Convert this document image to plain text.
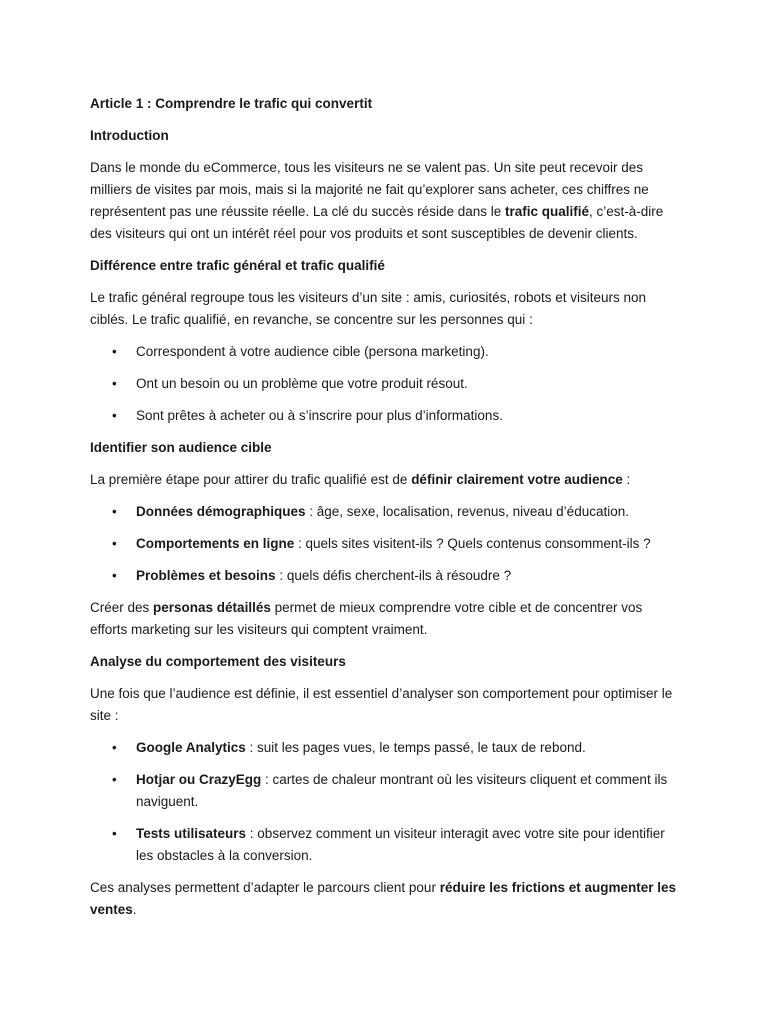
Article 1 : Comprendre le trafic qui convertit

Introduction

Dans le monde du eCommerce, tous les visiteurs ne se valent pas. Un site peut recevoir des milliers de visites par mois, mais si la majorité ne fait qu’explorer sans acheter, ces chiffres ne représentent pas une réussite réelle. La clé du succès réside dans le trafic qualifié, c’est-à-dire des visiteurs qui ont un intérêt réel pour vos produits et sont susceptibles de devenir clients.

Différence entre trafic général et trafic qualifié

Le trafic général regroupe tous les visiteurs d’un site : amis, curiosités, robots et visiteurs non ciblés. Le trafic qualifié, en revanche, se concentre sur les personnes qui :

• Correspondent à votre audience cible (persona marketing).
• Ont un besoin ou un problème que votre produit résout.
• Sont prêtes à acheter ou à s’inscrire pour plus d’informations.

Identifier son audience cible

La première étape pour attirer du trafic qualifié est de définir clairement votre audience :

• Données démographiques : âge, sexe, localisation, revenus, niveau d’éducation.
• Comportements en ligne : quels sites visitent-ils ? Quels contenus consomment-ils ?
• Problèmes et besoins : quels défis cherchent-ils à résoudre ?

Créer des personas détaillés permet de mieux comprendre votre cible et de concentrer vos efforts marketing sur les visiteurs qui comptent vraiment.

Analyse du comportement des visiteurs

Une fois que l’audience est définie, il est essentiel d’analyser son comportement pour optimiser le site :

• Google Analytics : suit les pages vues, le temps passé, le taux de rebond.
• Hotjar ou CrazyEgg : cartes de chaleur montrant où les visiteurs cliquent et comment ils naviguent.
• Tests utilisateurs : observez comment un visiteur interagit avec votre site pour identifier les obstacles à la conversion.

Ces analyses permettent d’adapter le parcours client pour réduire les frictions et augmenter les ventes.
